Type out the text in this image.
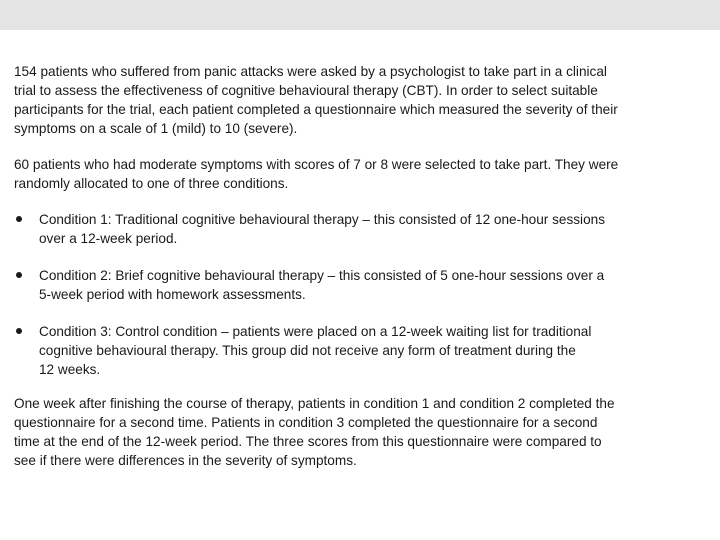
154 patients who suffered from panic attacks were asked by a psychologist to take part in a clinical
trial to assess the effectiveness of cognitive behavioural therapy (CBT). In order to select suitable
participants for the trial, each patient completed a questionnaire which measured the severity of their
symptoms on a scale of 1 (mild) to 10 (severe).

60 patients who had moderate symptoms with scores of 7 or 8 were selected to take part. They were
randomly allocated to one of three conditions.

Condition 1: Traditional cognitive behavioural therapy – this consisted of 12 one-hour sessions
over a 12-week period.
Condition 2: Brief cognitive behavioural therapy – this consisted of 5 one-hour sessions over a
5-week period with homework assessments.
Condition 3: Control condition – patients were placed on a 12-week waiting list for traditional
cognitive behavioural therapy. This group did not receive any form of treatment during the
12 weeks.

One week after finishing the course of therapy, patients in condition 1 and condition 2 completed the
questionnaire for a second time. Patients in condition 3 completed the questionnaire for a second
time at the end of the 12-week period. The three scores from this questionnaire were compared to
see if there were differences in the severity of symptoms.
